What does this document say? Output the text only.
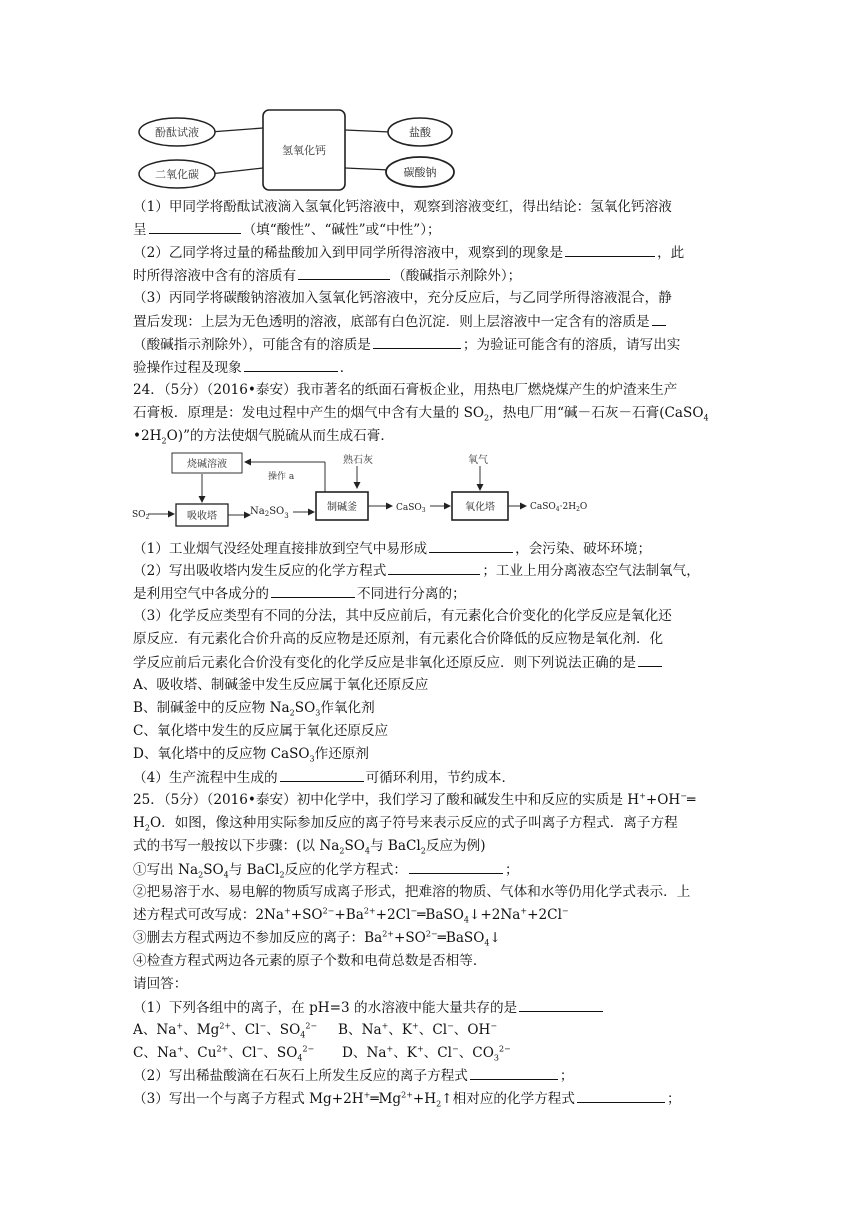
酚酞试液
二氧化碳
氢氧化钙
盐酸
碳酸钠
（1）甲同学将酚酞试液滴入氢氧化钙溶液中，观察到溶液变红，得出结论：氢氧化钙溶液
呈	（填“酸性”、“碱性”或“中性”）；
（2）乙同学将过量的稀盐酸加入到甲同学所得溶液中，观察到的现象是	，此
时所得溶液中含有的溶质有	（酸碱指示剂除外）；
（3）丙同学将碳酸钠溶液加入氢氧化钙溶液中，充分反应后，与乙同学所得溶液混合，静
置后发现：上层为无色透明的溶液，底部有白色沉淀．则上层溶液中一定含有的溶质是
（酸碱指示剂除外），可能含有的溶质是	；为验证可能含有的溶质，请写出实
验操作过程及现象	．
24．（5分）（2016•泰安）我市著名的纸面石膏板企业，用热电厂燃烧煤产生的炉渣来生产
石膏板．原理是：发电过程中产生的烟气中含有大量的 $SO_2$，热电厂用“碱－石灰－石膏(CaSO$_4$
$•2H_2O$)”的方法使烟气脱硫从而生成石膏．
烧碱溶液
操作 a
熟石灰	氧气
$SO_2$	吸收塔	$Na_2SO_3$
制碱釜	CaSO$_3$	氧化塔	$CaSO_4\cdot 2H_2O$
（1）工业烟气没经处理直接排放到空气中易形成	，会污染、破坏环境；
（2）写出吸收塔内发生反应的化学方程式	；工业上用分离液态空气法制氧气，
是利用空气中各成分的	不同进行分离的；
（3）化学反应类型有不同的分法，其中反应前后，有元素化合价变化的化学反应是氧化还
原反应．有元素化合价升高的反应物是还原剂，有元素化合价降低的反应物是氧化剂．化
学反应前后元素化合价没有变化的化学反应是非氧化还原反应．则下列说法正确的是
A、吸收塔、制碱釜中发生反应属于氧化还原反应
B、制碱釜中的反应物 $Na_2SO_3$作氧化剂
C、氧化塔中发生的反应属于氧化还原反应
D、氧化塔中的反应物 CaSO$_3$作还原剂
（4）生产流程中生成的	可循环利用，节约成本．
25．（5分）（2016•泰安）初中化学中，我们学习了酸和碱发生中和反应的实质是 H++OH−═
$H_2O$．如图，像这种用实际参加反应的离子符号来表示反应的式子叫离子方程式．离子方程
式的书写一般按以下步骤：(以 $Na_2SO_4$与 BaCl$_2$反应为例)
①写出 $Na_2SO_4$与 BaCl$_2$反应的化学方程式：	；
②把易溶于水、易电解的物质写成离子形式，把难溶的物质、气体和水等仍用化学式表示．上
述方程式可改写成：$2Na^++SO^{2-}+Ba^{2+}+2Cl^-═BaSO_4↓+2Na^++2Cl^-$
③删去方程式两边不参加反应的离子：$Ba^{2+}+SO^{2-}═BaSO_4↓$
④检查方程式两边各元素的原子个数和电荷总数是否相等．
请回答：
（1）下列各组中的离子，在 pH=3 的水溶液中能大量共存的是
A、Na+、$Mg^{2+}$、Cl−、$SO_4^{2-}$ B、Na+、K+、Cl−、OH−
C、Na+、$Cu^{2+}$、Cl−、$SO_4^{2-}$ D、Na+、K+、Cl−、$CO_3^{2-}$
（2）写出稀盐酸滴在石灰石上所发生反应的离子方程式	；
（3）写出一个与离子方程式 $Mg+2H^+═Mg^{2+}+H_2↑$相对应的化学方程式	；
